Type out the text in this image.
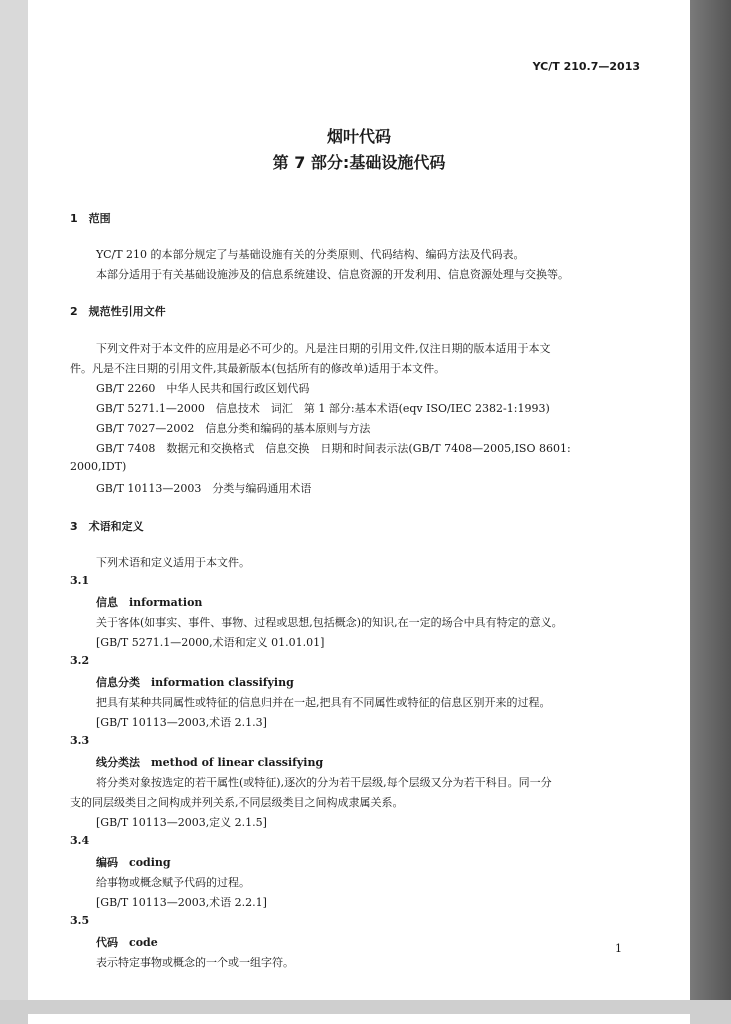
YC/T 210.7—2013
烟叶代码
第 7 部分:基础设施代码
1　范围
YC/T 210 的本部分规定了与基础设施有关的分类原则、代码结构、编码方法及代码表。
本部分适用于有关基础设施涉及的信息系统建设、信息资源的开发利用、信息资源处理与交换等。
2　规范性引用文件
下列文件对于本文件的应用是必不可少的。凡是注日期的引用文件,仅注日期的版本适用于本文
件。凡是不注日期的引用文件,其最新版本(包括所有的修改单)适用于本文件。
GB/T 2260　中华人民共和国行政区划代码
GB/T 5271.1—2000　信息技术　词汇　第 1 部分:基本术语(eqv ISO/IEC 2382-1:1993)
GB/T 7027—2002　信息分类和编码的基本原则与方法
GB/T 7408　数据元和交换格式　信息交换　日期和时间表示法(GB/T 7408—2005,ISO 8601:
2000,IDT)
GB/T 10113—2003　分类与编码通用术语
3　术语和定义
下列术语和定义适用于本文件。
3.1
信息　information
关于客体(如事实、事件、事物、过程或思想,包括概念)的知识,在一定的场合中具有特定的意义。
[GB/T 5271.1—2000,术语和定义 01.01.01]
3.2
信息分类　information classifying
把具有某种共同属性或特征的信息归并在一起,把具有不同属性或特征的信息区别开来的过程。
[GB/T 10113—2003,术语 2.1.3]
3.3
线分类法　method of linear classifying
将分类对象按选定的若干属性(或特征),逐次的分为若干层级,每个层级又分为若干科目。同一分
支的同层级类目之间构成并列关系,不同层级类目之间构成隶属关系。
[GB/T 10113—2003,定义 2.1.5]
3.4
编码　coding
给事物或概念赋予代码的过程。
[GB/T 10113—2003,术语 2.2.1]
3.5
代码　code
表示特定事物或概念的一个或一组字符。
1
